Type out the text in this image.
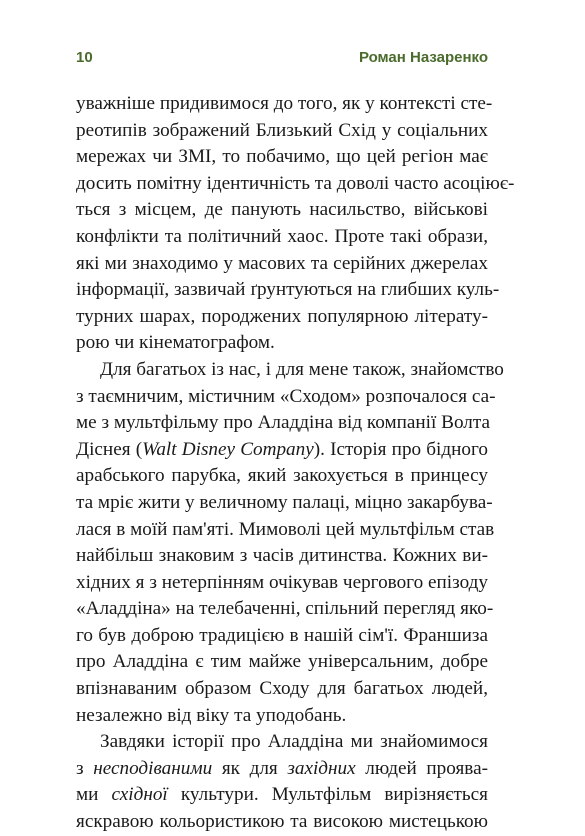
10	Роман Назаренко
уважніше придивимося до того, як у контексті сте-
реотипів зображений Близький Схід у соціальних
мережах чи ЗМІ, то побачимо, що цей регіон має
досить помітну ідентичність та доволі часто асоціює-
ться з місцем, де панують насильство, військові
конфлікти та політичний хаос. Проте такі образи,
які ми знаходимо у масових та серійних джерелах
інформації, зазвичай ґрунтуються на глибших куль-
турних шарах, породжених популярною літерату-
рою чи кінематографом.
Для багатьох із нас, і для мене також, знайомство
з таємничим, містичним «Сходом» розпочалося са-
ме з мультфільму про Аладдіна від компанії Волта
Діснея (Walt Disney Company). Історія про бідного
арабського парубка, який закохується в принцесу
та мріє жити у величному палаці, міцно закарбува-
лася в моїй пам'яті. Мимоволі цей мультфільм став
найбільш знаковим з часів дитинства. Кожних ви-
хідних я з нетерпінням очікував чергового епізоду
«Аладдіна» на телебаченні, спільний перегляд яко-
го був доброю традицією в нашій сім'ї. Франшиза
про Аладдіна є тим майже універсальним, добре
впізнаваним образом Сходу для багатьох людей,
незалежно від віку та уподобань.
Завдяки історії про Аладдіна ми знайомимося
з несподіваними як для західних людей проява-
ми східної культури. Мультфільм вирізняється
яскравою кольористикою та високою мистецькою
